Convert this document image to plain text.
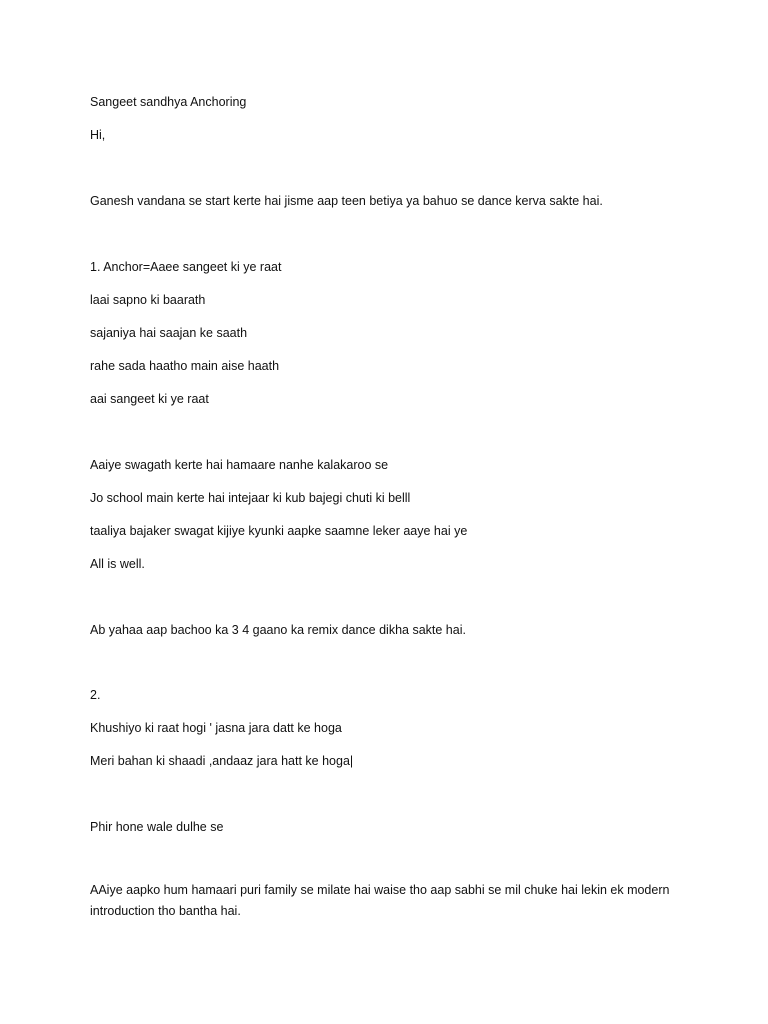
Sangeet sandhya Anchoring

Hi,

Ganesh vandana se start kerte hai jisme aap teen betiya ya bahuo se dance kerva sakte hai.

1. Anchor=Aaee sangeet ki ye raat

laai sapno ki baarath

sajaniya hai saajan ke saath

rahe sada haatho main aise haath

aai sangeet ki ye raat

Aaiye swagath kerte hai hamaare nanhe kalakaroo se

Jo school main kerte hai intejaar ki kub bajegi chuti ki belll

taaliya bajaker swagat kijiye kyunki aapke saamne leker aaye hai ye

All is well.

Ab yahaa aap bachoo ka 3 4 gaano ka remix dance dikha sakte hai.

2.

Khushiyo ki raat hogi ' jasna jara datt ke hoga

Meri bahan ki shaadi ,andaaz jara hatt ke hoga|

Phir hone wale dulhe se

AAiye aapko hum hamaari puri family se milate hai waise tho aap sabhi se mil chuke hai lekin ek modern introduction tho bantha hai.
